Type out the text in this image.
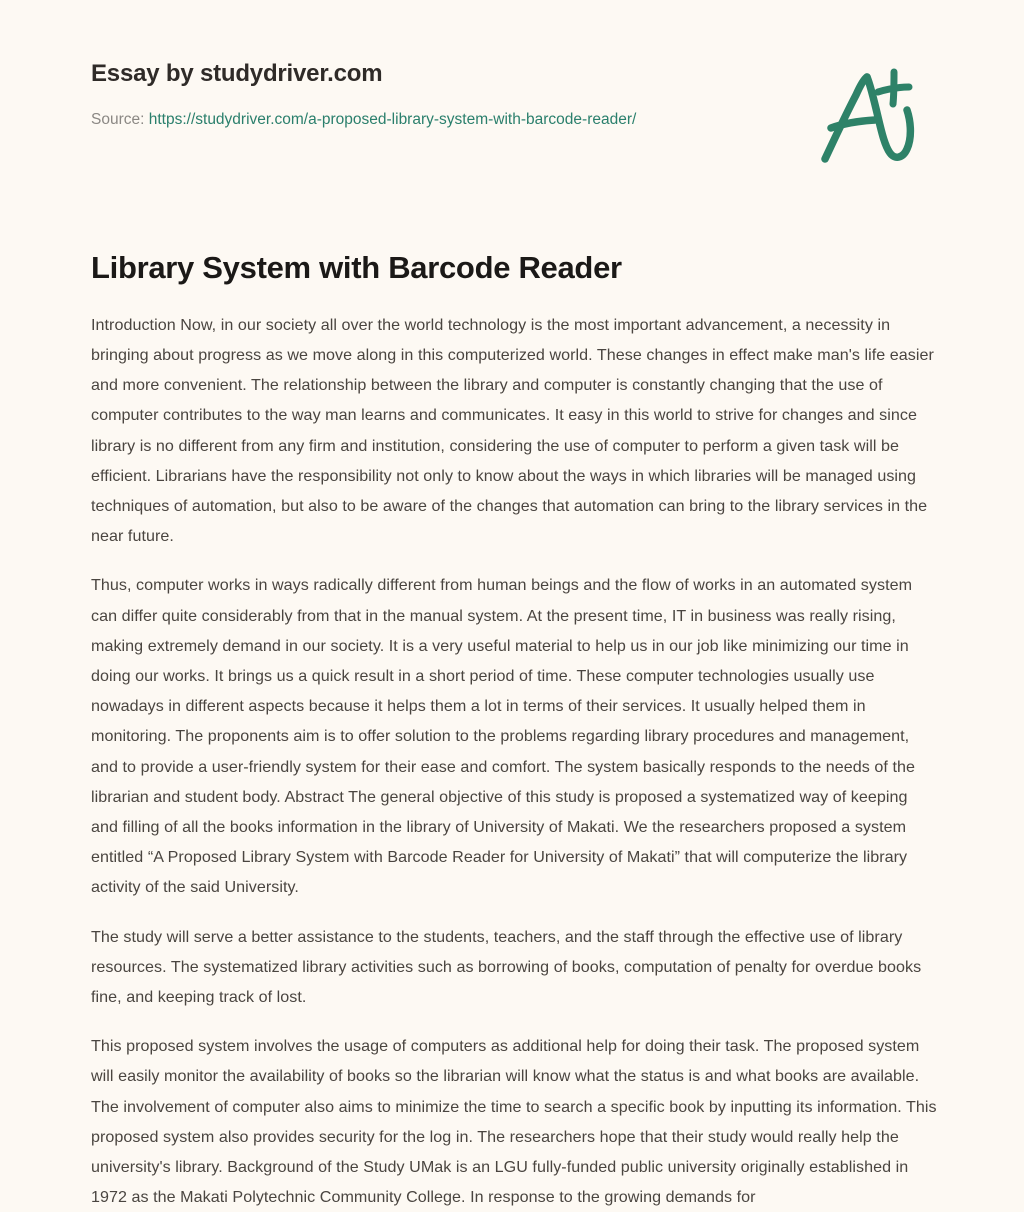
Essay by studydriver.com
Source: https://studydriver.com/a-proposed-library-system-with-barcode-reader/
Library System with Barcode Reader

Introduction Now, in our society all over the world technology is the most important advancement, a necessity in bringing about progress as we move along in this computerized world. These changes in effect make man's life easier and more convenient. The relationship between the library and computer is constantly changing that the use of computer contributes to the way man learns and communicates. It easy in this world to strive for changes and since library is no different from any firm and institution, considering the use of computer to perform a given task will be efficient. Librarians have the responsibility not only to know about the ways in which libraries will be managed using techniques of automation, but also to be aware of the changes that automation can bring to the library services in the near future.

Thus, computer works in ways radically different from human beings and the flow of works in an automated system can differ quite considerably from that in the manual system. At the present time, IT in business was really rising, making extremely demand in our society. It is a very useful material to help us in our job like minimizing our time in doing our works. It brings us a quick result in a short period of time. These computer technologies usually use nowadays in different aspects because it helps them a lot in terms of their services. It usually helped them in monitoring. The proponents aim is to offer solution to the problems regarding library procedures and management, and to provide a user-friendly system for their ease and comfort. The system basically responds to the needs of the librarian and student body. Abstract The general objective of this study is proposed a systematized way of keeping and filling of all the books information in the library of University of Makati. We the researchers proposed a system entitled “A Proposed Library System with Barcode Reader for University of Makati” that will computerize the library activity of the said University.

The study will serve a better assistance to the students, teachers, and the staff through the effective use of library resources. The systematized library activities such as borrowing of books, computation of penalty for overdue books fine, and keeping track of lost.

This proposed system involves the usage of computers as additional help for doing their task. The proposed system will easily monitor the availability of books so the librarian will know what the status is and what books are available. The involvement of computer also aims to minimize the time to search a specific book by inputting its information. This proposed system also provides security for the log in. The researchers hope that their study would really help the university's library. Background of the Study UMak is an LGU fully-funded public university originally established in 1972 as the Makati Polytechnic Community College. In response to the growing demands for
